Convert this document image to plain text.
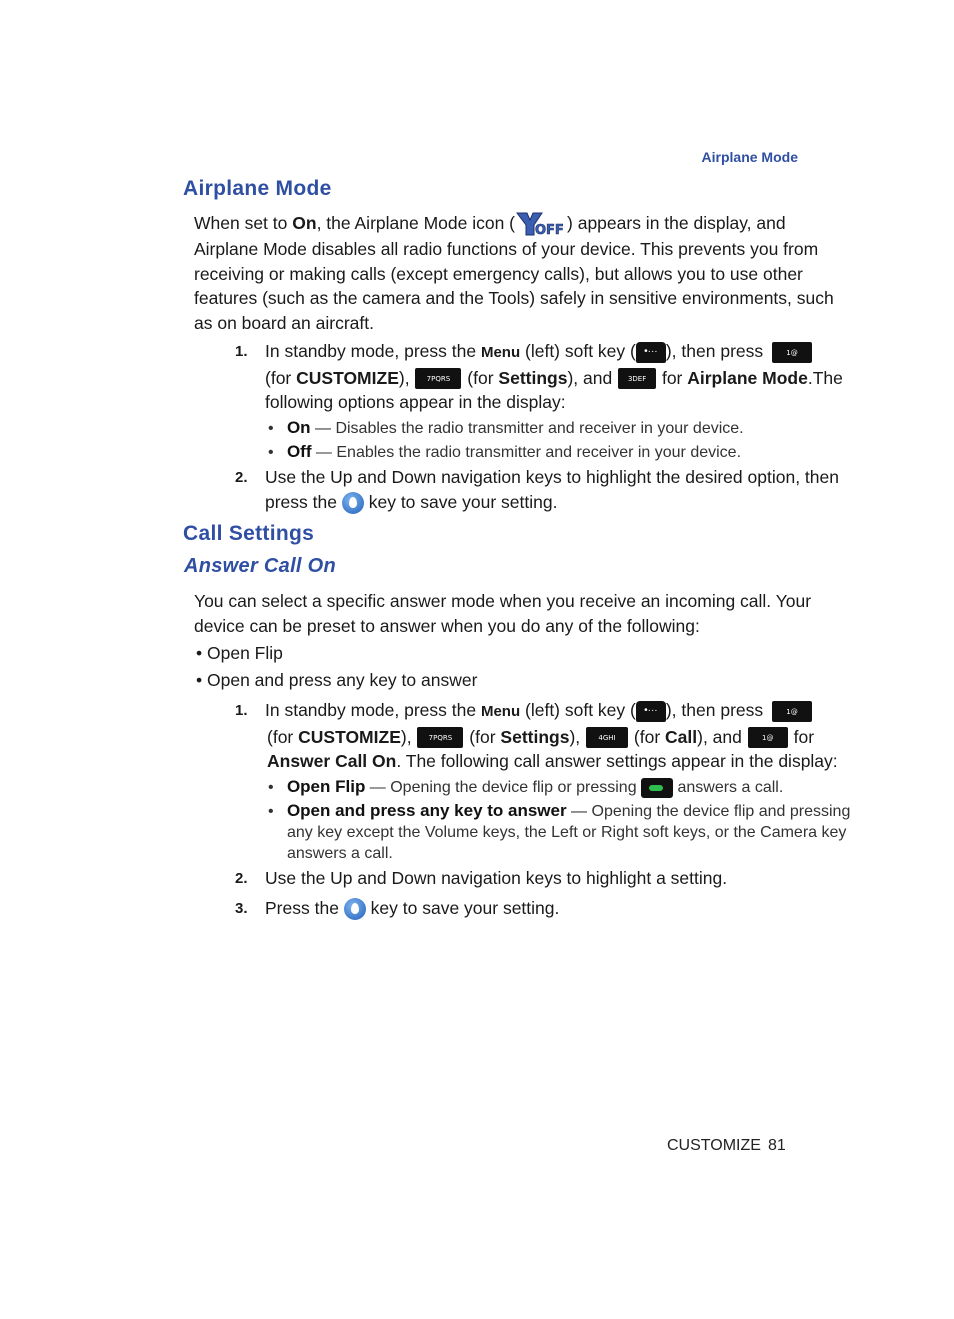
Airplane Mode
Airplane Mode
When set to On, the Airplane Mode icon ( OFF ) appears in the display, and
Airplane Mode disables all radio functions of your device. This prevents you from
receiving or making calls (except emergency calls), but allows you to use other
features (such as the camera and the Tools) safely in sensitive environments, such
as on board an aircraft.
1. In standby mode, press the Menu (left) soft key ( •··· ), then press	1@
(for CUSTOMIZE), 7PQRS (for Settings), and 3DEF for Airplane Mode.The
following options appear in the display:
•   On — Disables the radio transmitter and receiver in your device.
•   Off — Enables the radio transmitter and receiver in your device.
2. Use the Up and Down navigation keys to highlight the desired option, then
press the  key to save your setting.
Call Settings
Answer Call On
You can select a specific answer mode when you receive an incoming call. Your
device can be preset to answer when you do any of the following:
• Open Flip
• Open and press any key to answer
1. In standby mode, press the Menu (left) soft key ( •··· ), then press	1@
(for CUSTOMIZE), 7PQRS (for Settings), 4GHI (for Call), and 1@ for
Answer Call On. The following call answer settings appear in the display:
•   Open Flip — Opening the device flip or pressing  answers a call.
•   Open and press any key to answer — Opening the device flip and pressing
any key except the Volume keys, the Left or Right soft keys, or the Camera key
answers a call.
2. Use the Up and Down navigation keys to highlight a setting.
3. Press the  key to save your setting.
CUSTOMIZE 81
